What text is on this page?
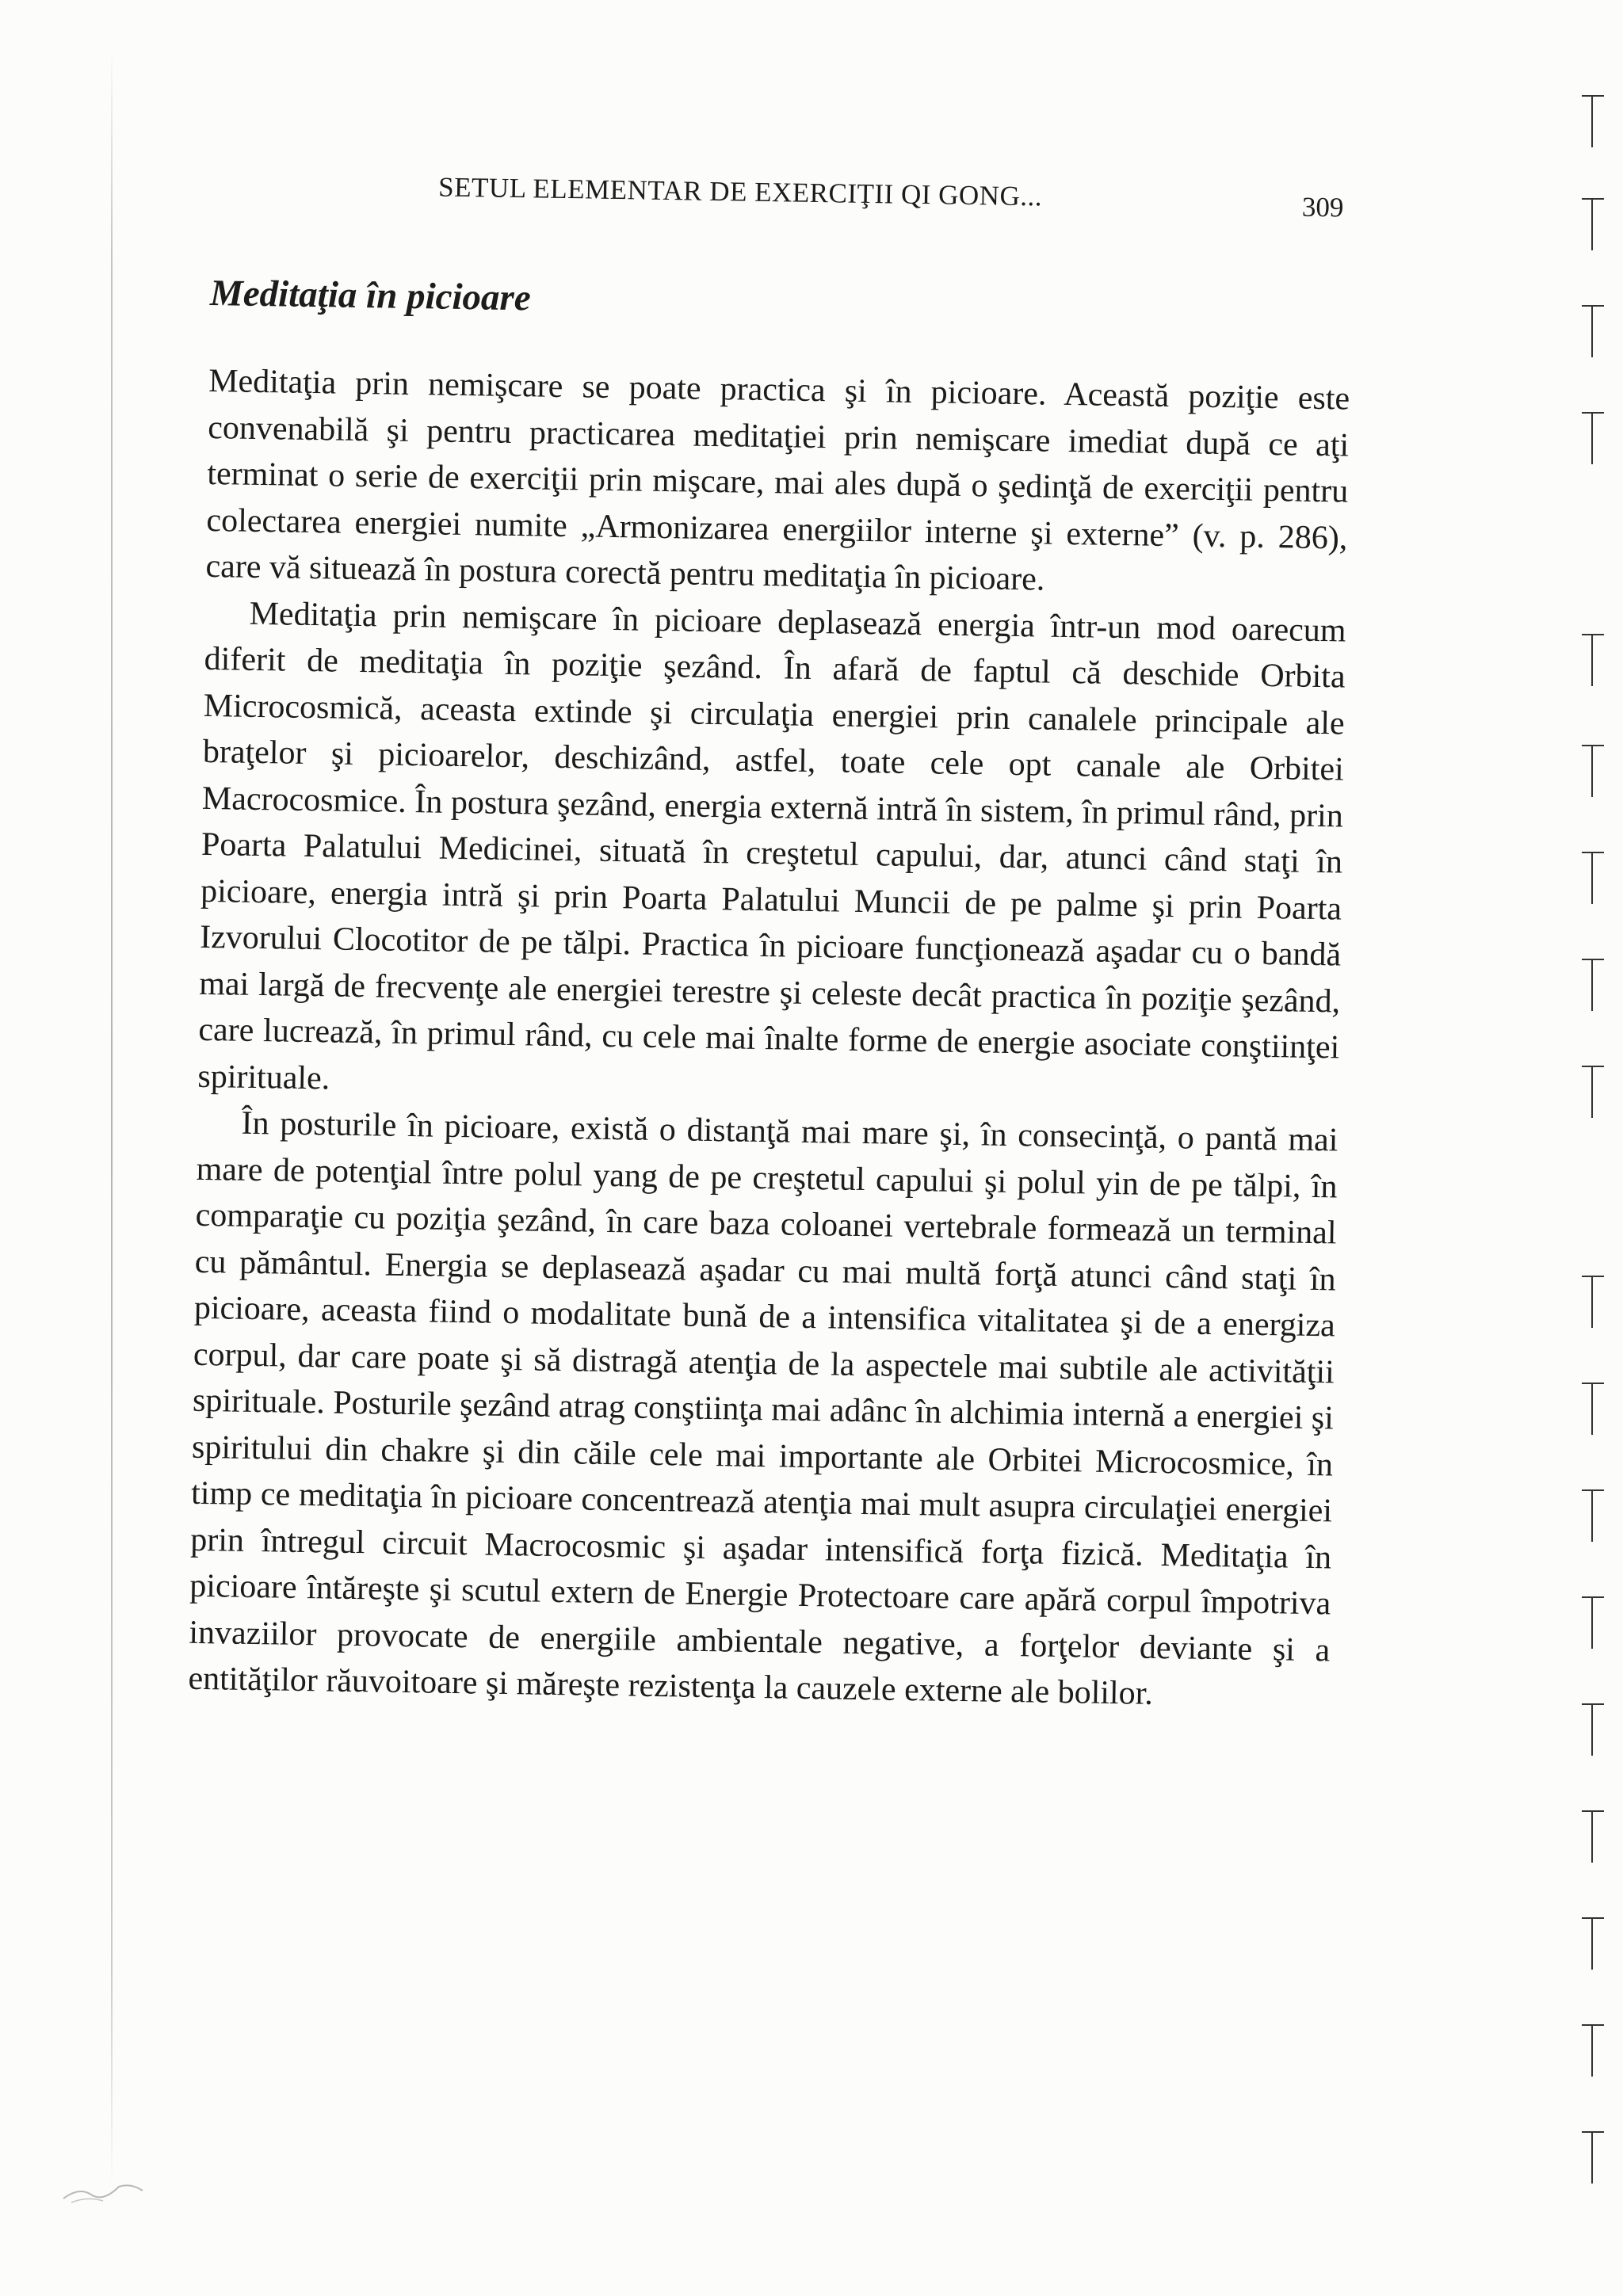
SETUL ELEMENTAR DE EXERCIŢII QI GONG...	309
Meditaţia în picioare

Meditaţia prin nemişcare se poate practica şi în picioare. Această poziţie este convenabilă şi pentru practicarea meditaţiei prin nemişcare imediat după ce aţi terminat o serie de exerciţii prin mişcare, mai ales după o şedinţă de exerciţii pentru colectarea energiei numite „Armonizarea energiilor interne şi externe” (v. p. 286), care vă situează în postura corectă pentru meditaţia în picioare.

Meditaţia prin nemişcare în picioare deplasează energia într-un mod oarecum diferit de meditaţia în poziţie şezând. În afară de faptul că deschide Orbita Microcosmică, aceasta extinde şi circulaţia energiei prin canalele principale ale braţelor şi picioarelor, deschizând, astfel, toate cele opt canale ale Orbitei Macrocosmice. În postura şezând, energia externă intră în sistem, în primul rând, prin Poarta Palatului Medicinei, situată în creştetul capului, dar, atunci când staţi în picioare, energia intră şi prin Poarta Palatului Muncii de pe palme şi prin Poarta Izvorului Clocotitor de pe tălpi. Practica în picioare funcţionează aşadar cu o bandă mai largă de frecvenţe ale energiei terestre şi celeste decât practica în poziţie şezând, care lucrează, în primul rând, cu cele mai înalte forme de energie asociate conştiinţei spirituale.

În posturile în picioare, există o distanţă mai mare şi, în consecinţă, o pantă mai mare de potenţial între polul yang de pe creştetul capului şi polul yin de pe tălpi, în comparaţie cu poziţia şezând, în care baza coloanei vertebrale formează un terminal cu pământul. Energia se deplasează aşadar cu mai multă forţă atunci când staţi în picioare, aceasta fiind o modalitate bună de a intensifica vitalitatea şi de a energiza corpul, dar care poate şi să distragă atenţia de la aspectele mai subtile ale activităţii spirituale. Posturile şezând atrag conştiinţa mai adânc în alchimia internă a energiei şi spiritului din chakre şi din căile cele mai importante ale Orbitei Microcosmice, în timp ce meditaţia în picioare concentrează atenţia mai mult asupra circulaţiei energiei prin întregul circuit Macrocosmic şi aşadar intensifică forţa fizică. Meditaţia în picioare întăreşte şi scutul extern de Energie Protectoare care apără corpul împotriva invaziilor provocate de energiile ambientale negative, a forţelor deviante şi a entităţilor răuvoitoare şi măreşte rezistenţa la cauzele externe ale bolilor.
